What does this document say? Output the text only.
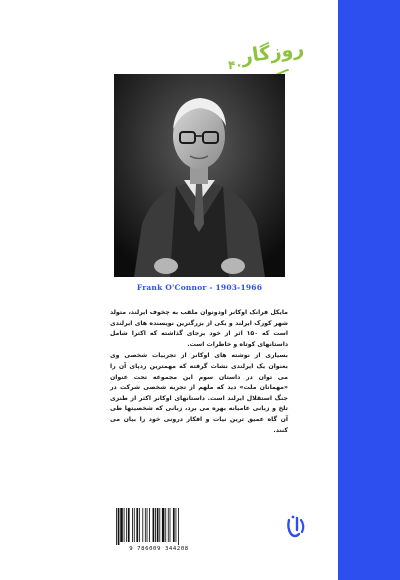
روزگار
۴۰
Frank O'Connor - 1903-1966

مایکل فرانک اوکانر اودونوان ملقب به چخوف ایرلند، متولد شهر کورک ایرلند و یکی از بزرگترین نویسنده های ایرلندی است که ۱۵۰ اثر از خود برجای گذاشته که اکثرا شامل داستانهای کوتاه و خاطرات است.

بسیاری از نوشته های اوکانر از تجربیات شخصی وی بعنوان یک ایرلندی نشات گرفته که مهمترین ردپای آن را می توان در داستان سوم این مجموعه تحت عنوان «مهمانان ملت» دید که ملهم از تجربه شخصی شرکت در جنگ استقلال ایرلند است. داستانهای اوکانر اکثر از طنزی تلخ و زبانی عامیانه بهره می برد، زبانی که شخصیتها طی آن گاه عمیق ترین نیات و افکار درونی خود را بیان می کنند.

9 786009 344208
